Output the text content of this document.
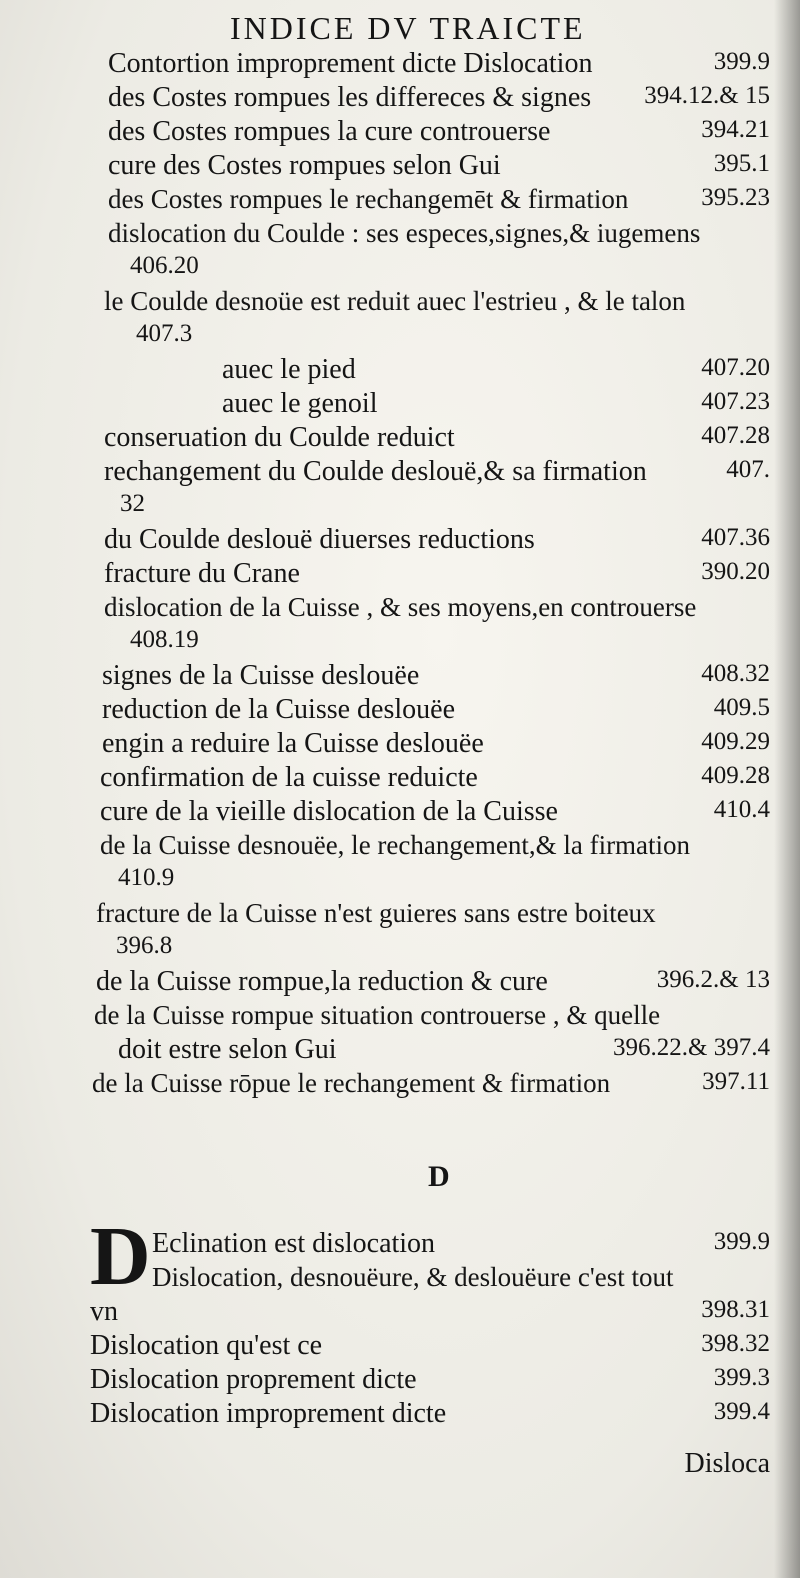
INDICE DV TRAICTE
Contortion improprement dicte Dislocation	399.9
des Costes rompues les differeces & signes 394.12.& 15
des Costes rompues la cure controuerse	394.21
cure des Costes rompues selon Gui	395.1
des Costes rompues le rechangemēt & firmation	395.23
dislocation du Coulde : ses especes,signes,& iugemens
406.20
le Coulde desnoüe est reduit auec l'estrieu , & le talon
407.3
auec le pied	407.20
auec le genoil	407.23
conseruation du Coulde reduict	407.28
rechangement du Coulde deslouë,& sa firmation	407.
32
du Coulde deslouë diuerses reductions	407.36
fracture du Crane	390.20
dislocation de la Cuisse , & ses moyens,en controuerse
408.19
signes de la Cuisse deslouëe	408.32
reduction de la Cuisse deslouëe	409.5
engin a reduire la Cuisse deslouëe	409.29
confirmation de la cuisse reduicte	409.28
cure de la vieille dislocation de la Cuisse	410.4
de la Cuisse desnouëe, le rechangement,& la firmation
410.9
fracture de la Cuisse n'est guieres sans estre boiteux
396.8
de la Cuisse rompue,la reduction & cure	396.2.& 13
de la Cuisse rompue situation controuerse , & quelle
doit estre selon Gui	396.22.& 397.4
de la Cuisse rōpue le rechangement & firmation	397.11
D
D Eclination est dislocation	399.9
Dislocation, desnouëure, & deslouëure c'est tout
vn	398.31
Dislocation qu'est ce	398.32
Dislocation proprement dicte	399.3
Dislocation improprement dicte	399.4
Disloca
